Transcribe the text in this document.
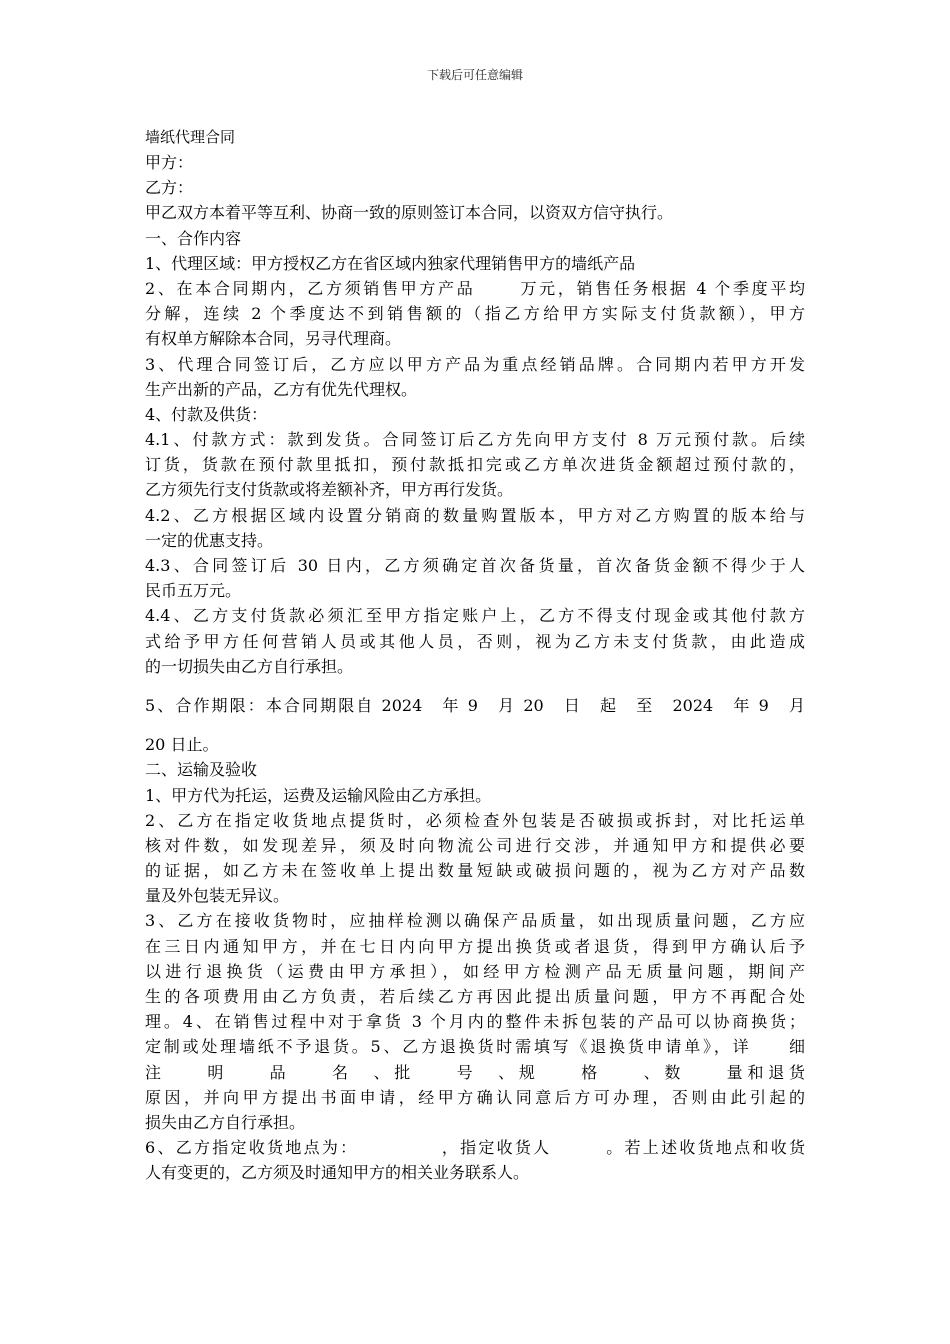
下载后可任意编辑
墙纸代理合同
甲方：
乙方：
甲乙双方本着平等互利、协商一致的原则签订本合同，以资双方信守执行。
一、合作内容
1、代理区域：甲方授权乙方在省区域内独家代理销售甲方的墙纸产品
2、在本合同期内，乙方须销售甲方产品　　 万元，销售任务根据 4 个季度平均
分解，连续 2 个季度达不到销售额的（指乙方给甲方实际支付货款额），甲方
有权单方解除本合同，另寻代理商。
3、代理合同签订后，乙方应以甲方产品为重点经销品牌。合同期内若甲方开发
生产出新的产品，乙方有优先代理权。
4、付款及供货：
4.1、付款方式：款到发货。合同签订后乙方先向甲方支付 8 万元预付款。后续
订货，货款在预付款里抵扣，预付款抵扣完或乙方单次进货金额超过预付款的，
乙方须先行支付货款或将差额补齐，甲方再行发货。
4.2、乙方根据区域内设置分销商的数量购置版本，甲方对乙方购置的版本给与
一定的优惠支持。
4.3、合同签订后 30 日内，乙方须确定首次备货量，首次备货金额不得少于人
民币五万元。
4.4、乙方支付货款必须汇至甲方指定账户上，乙方不得支付现金或其他付款方
式给予甲方任何营销人员或其他人员，否则，视为乙方未支付货款，由此造成
的一切损失由乙方自行承担。
5、合作期限：本合同期限自 2024　年 9　月 20　日　起　至　2024　年 9　月
20 日止。
二、运输及验收
1、甲方代为托运，运费及运输风险由乙方承担。
2、乙方在指定收货地点提货时，必须检查外包装是否破损或拆封，对比托运单
核对件数，如发现差异，须及时向物流公司进行交涉，并通知甲方和提供必要
的证据，如乙方未在签收单上提出数量短缺或破损问题的，视为乙方对产品数
量及外包装无异议。
3、乙方在接收货物时，应抽样检测以确保产品质量，如出现质量问题，乙方应
在三日内通知甲方，并在七日内向甲方提出换货或者退货，得到甲方确认后予
以进行退换货（运费由甲方承担），如经甲方检测产品无质量问题，期间产
生的各项费用由乙方负责，若后续乙方再因此提出质量问题，甲方不再配合处
理。4、在销售过程中对于拿货 3 个月内的整件未拆包装的产品可以协商换货；
定制或处理墙纸不予退货。5、乙方退换货时需填写《退换货申请单》，详　　细
注　　明　　品　　名　、批　　号　、规　　格　　、数　　量和退货
原因，并向甲方提出书面申请，经甲方确认同意后方可办理，否则由此引起的
损失由乙方自行承担。
6、乙方指定收货地点为：　　　　　，指定收货人　　　。若上述收货地点和收货
人有变更的，乙方须及时通知甲方的相关业务联系人。
